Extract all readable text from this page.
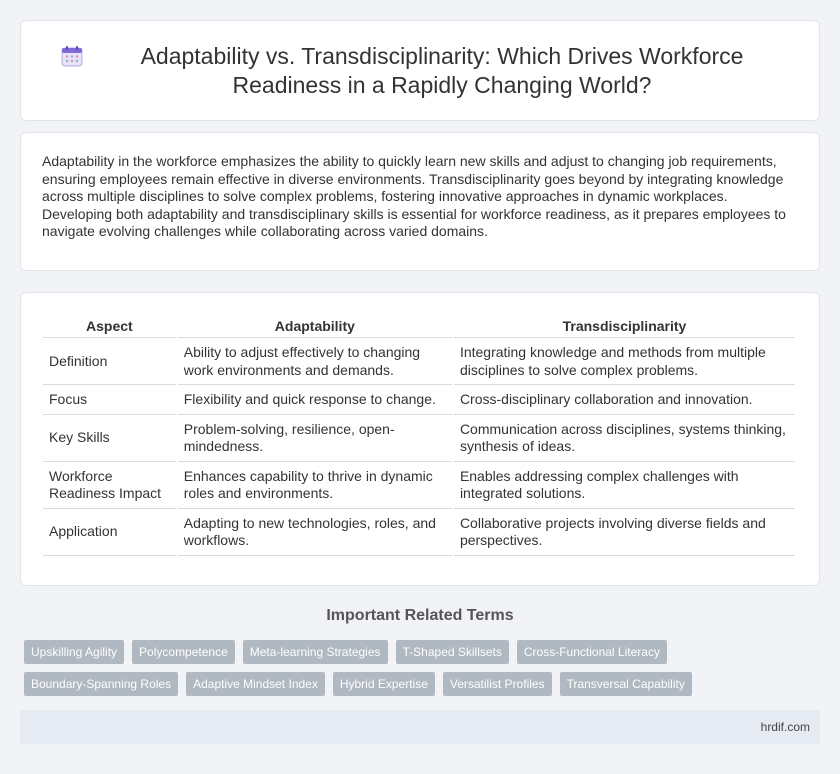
Adaptability vs. Transdisciplinarity: Which Drives Workforce Readiness in a Rapidly Changing World?

Adaptability in the workforce emphasizes the ability to quickly learn new skills and adjust to changing job requirements, ensuring employees remain effective in diverse environments. Transdisciplinarity goes beyond by integrating knowledge across multiple disciplines to solve complex problems, fostering innovative approaches in dynamic workplaces. Developing both adaptability and transdisciplinary skills is essential for workforce readiness, as it prepares employees to navigate evolving challenges while collaborating across varied domains.

Aspect	Adaptability	Transdisciplinarity
Definition	Ability to adjust effectively to changing work environments and demands.	Integrating knowledge and methods from multiple disciplines to solve complex problems.
Focus	Flexibility and quick response to change.	Cross-disciplinary collaboration and innovation.
Key Skills	Problem-solving, resilience, open-mindedness.	Communication across disciplines, systems thinking, synthesis of ideas.
Workforce Readiness Impact	Enhances capability to thrive in dynamic roles and environments.	Enables addressing complex challenges with integrated solutions.
Application	Adapting to new technologies, roles, and workflows.	Collaborative projects involving diverse fields and perspectives.
Important Related Terms
Upskilling Agility	Polycompetence	Meta-learning Strategies	T-Shaped Skillsets	Cross-Functional Literacy
Boundary-Spanning Roles	Adaptive Mindset Index	Hybrid Expertise	Versatilist Profiles	Transversal Capability
hrdif.com
